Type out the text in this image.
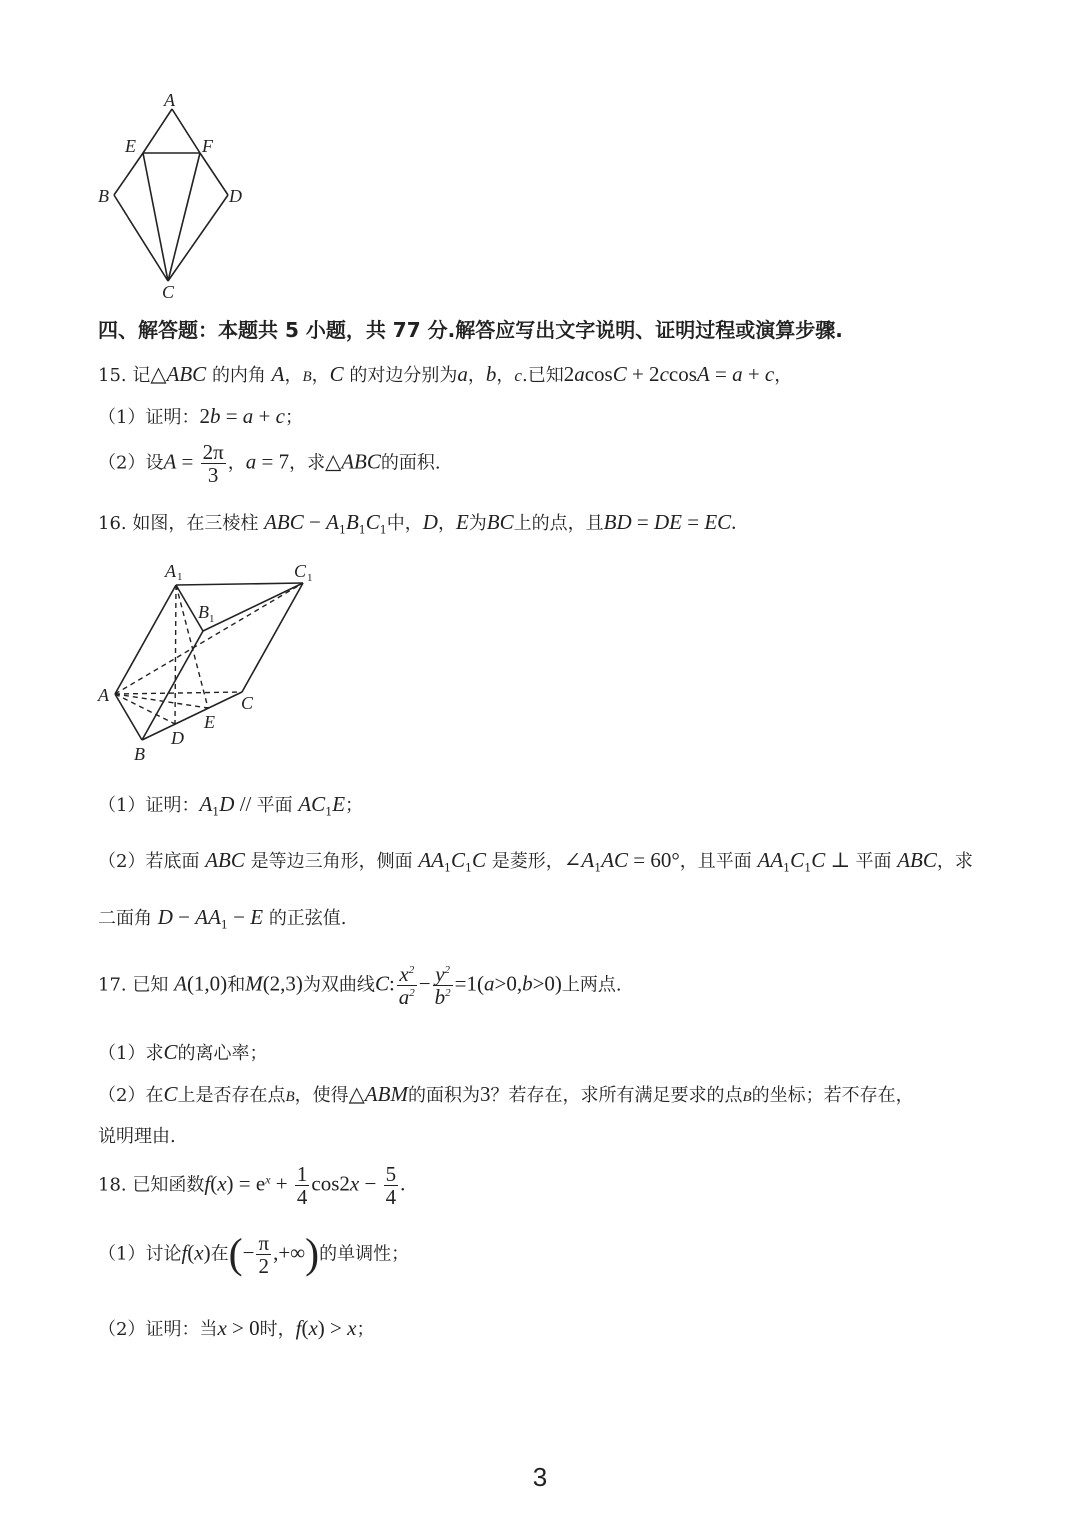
A
E	F
B	D
C
四、解答题：本题共 5 小题，共 77 分.解答应写出文字说明、证明过程或演算步骤.
15. 记△ABC 的内角 A，B，C 的对边分别为a，b，c.已知2acosC + 2ccosA = a + c，
（1）证明：2b = a + c；
（2）设$A = \frac{2\pi}{3}$ ，a = 7，求△ABC的面积.
16. 如图，在三棱柱 ABC − $A_1B_1C_1$中，D，E为BC上的点，且BD = DE = EC.
A 1	C 1
B 1
A
B
C
D
E
（1）证明：$A_1D$ // 平面 $AC_1E$；
（2）若底面 ABC 是等边三角形，侧面 $AA_1C_1C$ 是菱形，$\angle A_1AC = 60^\circ$，且平面 $AA_1C_1C$ ⊥ 平面 ABC，求
二面角 $D - AA_1 - E$ 的正弦值.
17. 已知 A(1,0)和M(2,3)为双曲线C: $\frac{x^2}{a^2} - \frac{y^2}{b^2} =1(a>0,b>0)$上两点.
（1）求C的离心率；
（2）在C上是否存在点B，使得△ABM的面积为3？若存在，求所有满足要求的点B的坐标；若不存在，
说明理由.
18. 已知函数$f(x) = e^x + \frac{1}{4} \cos 2x - \frac{5}{4}$ .
（1）讨论f(x)在(− $\frac{\pi}{2}$ ,+∞)的单调性；
（2）证明：当x > 0时，f(x) > x；
3
